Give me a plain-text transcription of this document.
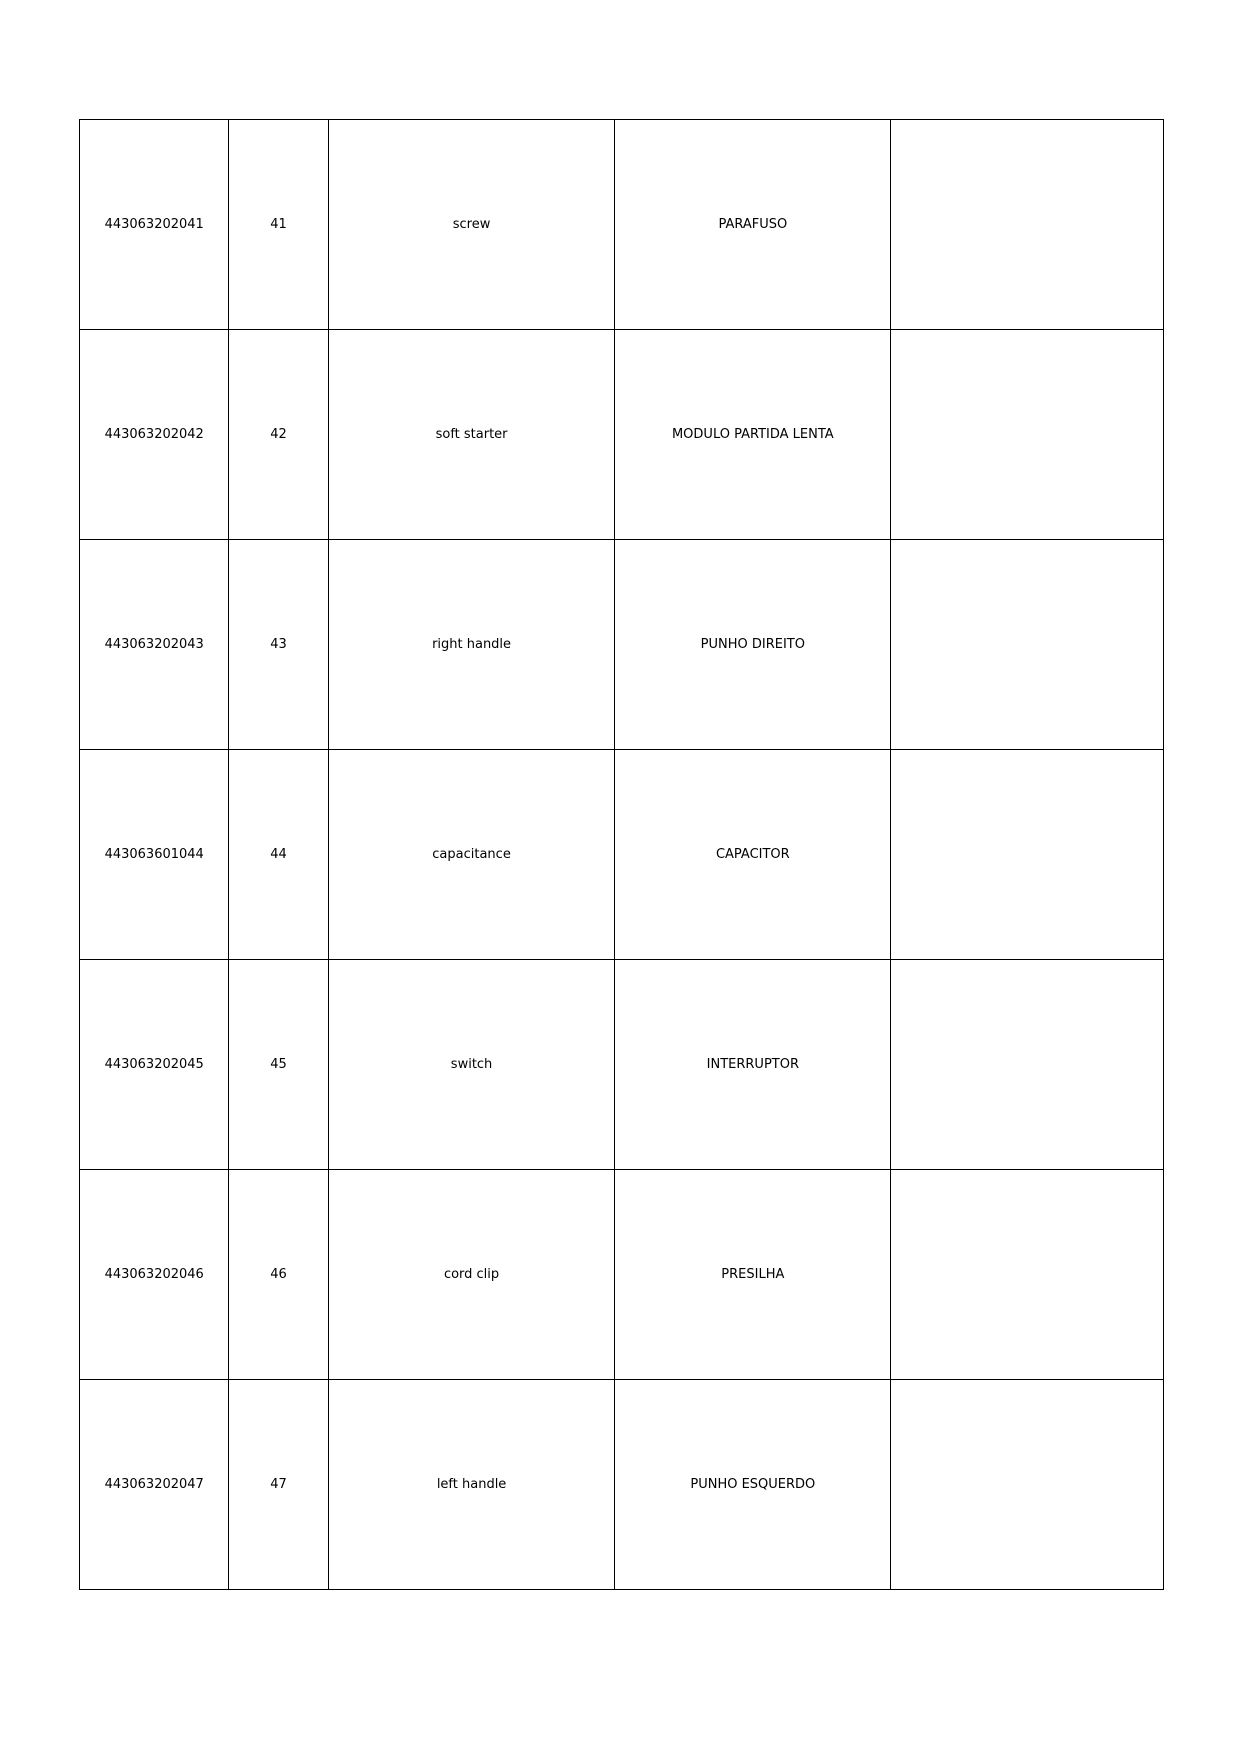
443063202041	41	screw	PARAFUSO	
443063202042	42	soft starter	MODULO PARTIDA LENTA	
443063202043	43	right handle	PUNHO DIREITO	
443063601044	44	capacitance	CAPACITOR	
443063202045	45	switch	INTERRUPTOR	
443063202046	46	cord clip	PRESILHA	
443063202047	47	left handle	PUNHO ESQUERDO	
